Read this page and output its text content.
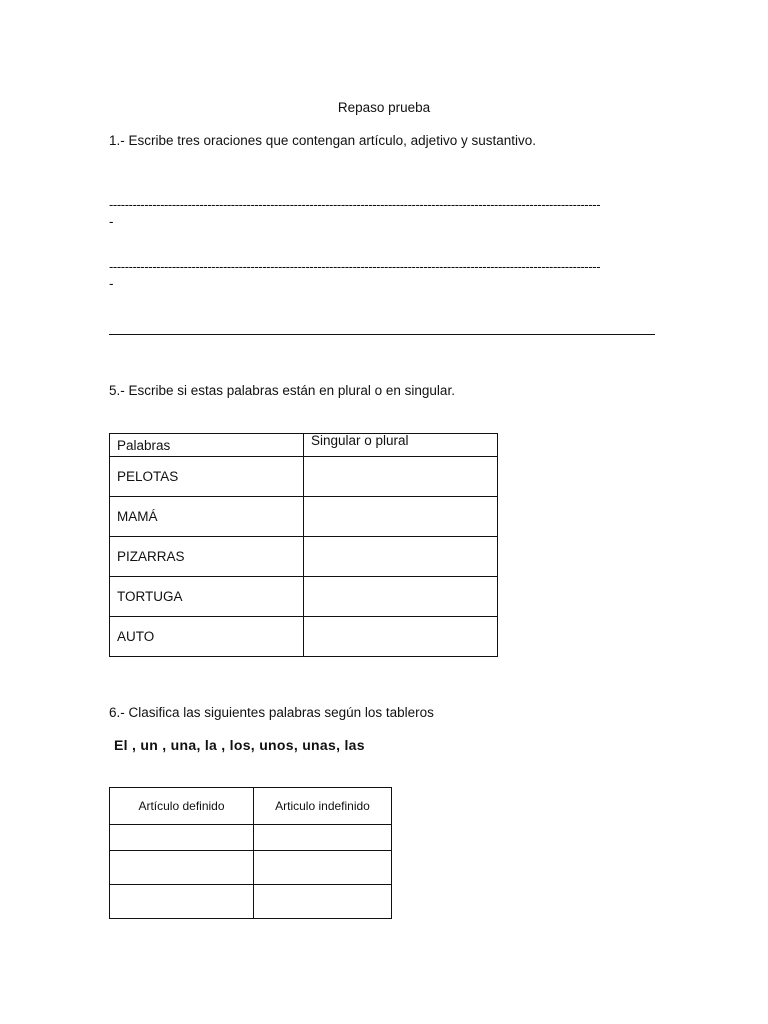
Repaso prueba
1.- Escribe tres oraciones que contengan artículo, adjetivo y sustantivo.
-----------------------------------------------------------------------------------------------------------------------------
-
-----------------------------------------------------------------------------------------------------------------------------
-
5.- Escribe si estas palabras están en plural o en singular.
Palabras	Singular o plural
PELOTAS	
MAMÁ	
PIZARRAS	
TORTUGA	
AUTO	
6.- Clasifica las siguientes palabras según los tableros
El , un , una, la , los, unos, unas, las
Artículo definido	Articulo indefinido
